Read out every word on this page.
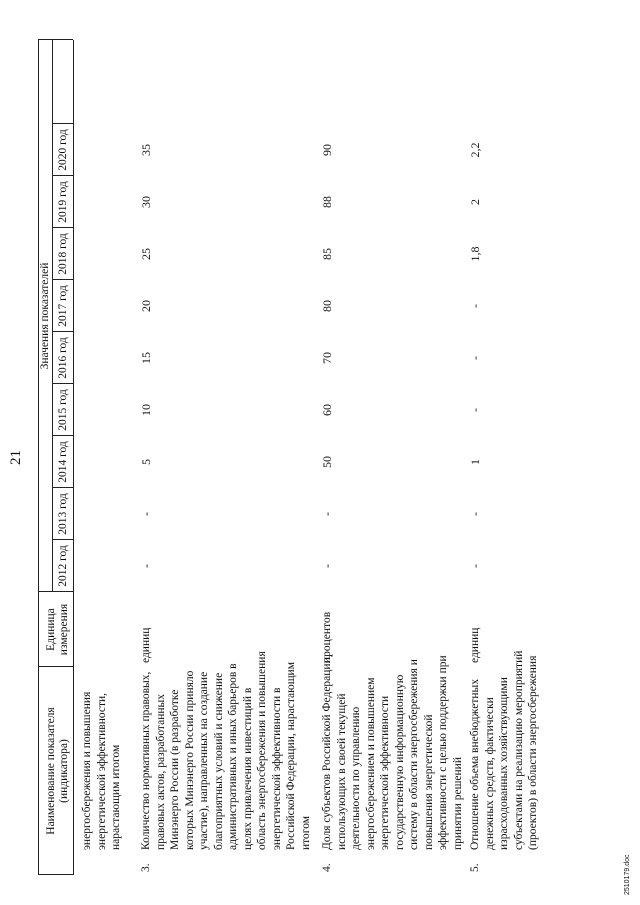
21
Наименование показателя (индикатора)
Единица измерения
Значения показателей
2012 год
2013 год
2014 год
2015 год
2016 год
2017 год
2018 год
2019 год
2020 год
энергосбережения и повышения энергетической эффективности, нарастающим итогом
3.
Количество нормативных правовых, правовых актов, разработанных Минэнерго России (в разработке которых Минэнерго России приняло участие), направленных на создание благоприятных условий и снижение административных и иных барьеров в целях привлечения инвестиций в область энергосбережения и повышения энергетической эффективности в Российской Федерации, нарастающим итогом
единиц
-
-
5
10
15
20
25
30
35
4.
Доля субъектов Российской Федерации, использующих в своей текущей деятельности по управлению энергосбережением и повышением энергетической эффективности государственную информационную систему в области энергосбережения и повышения энергетической эффективности с целью поддержки при принятии решений
процентов
-
-
50
60
70
80
85
88
90
5.
Отношение объема внебюджетных денежных средств, фактически израсходованных хозяйствующими субъектами на реализацию мероприятий (проектов) в области энергосбережения
единиц
-
-
1
-
-
-
1,8
2
2,2
2510179.doc
